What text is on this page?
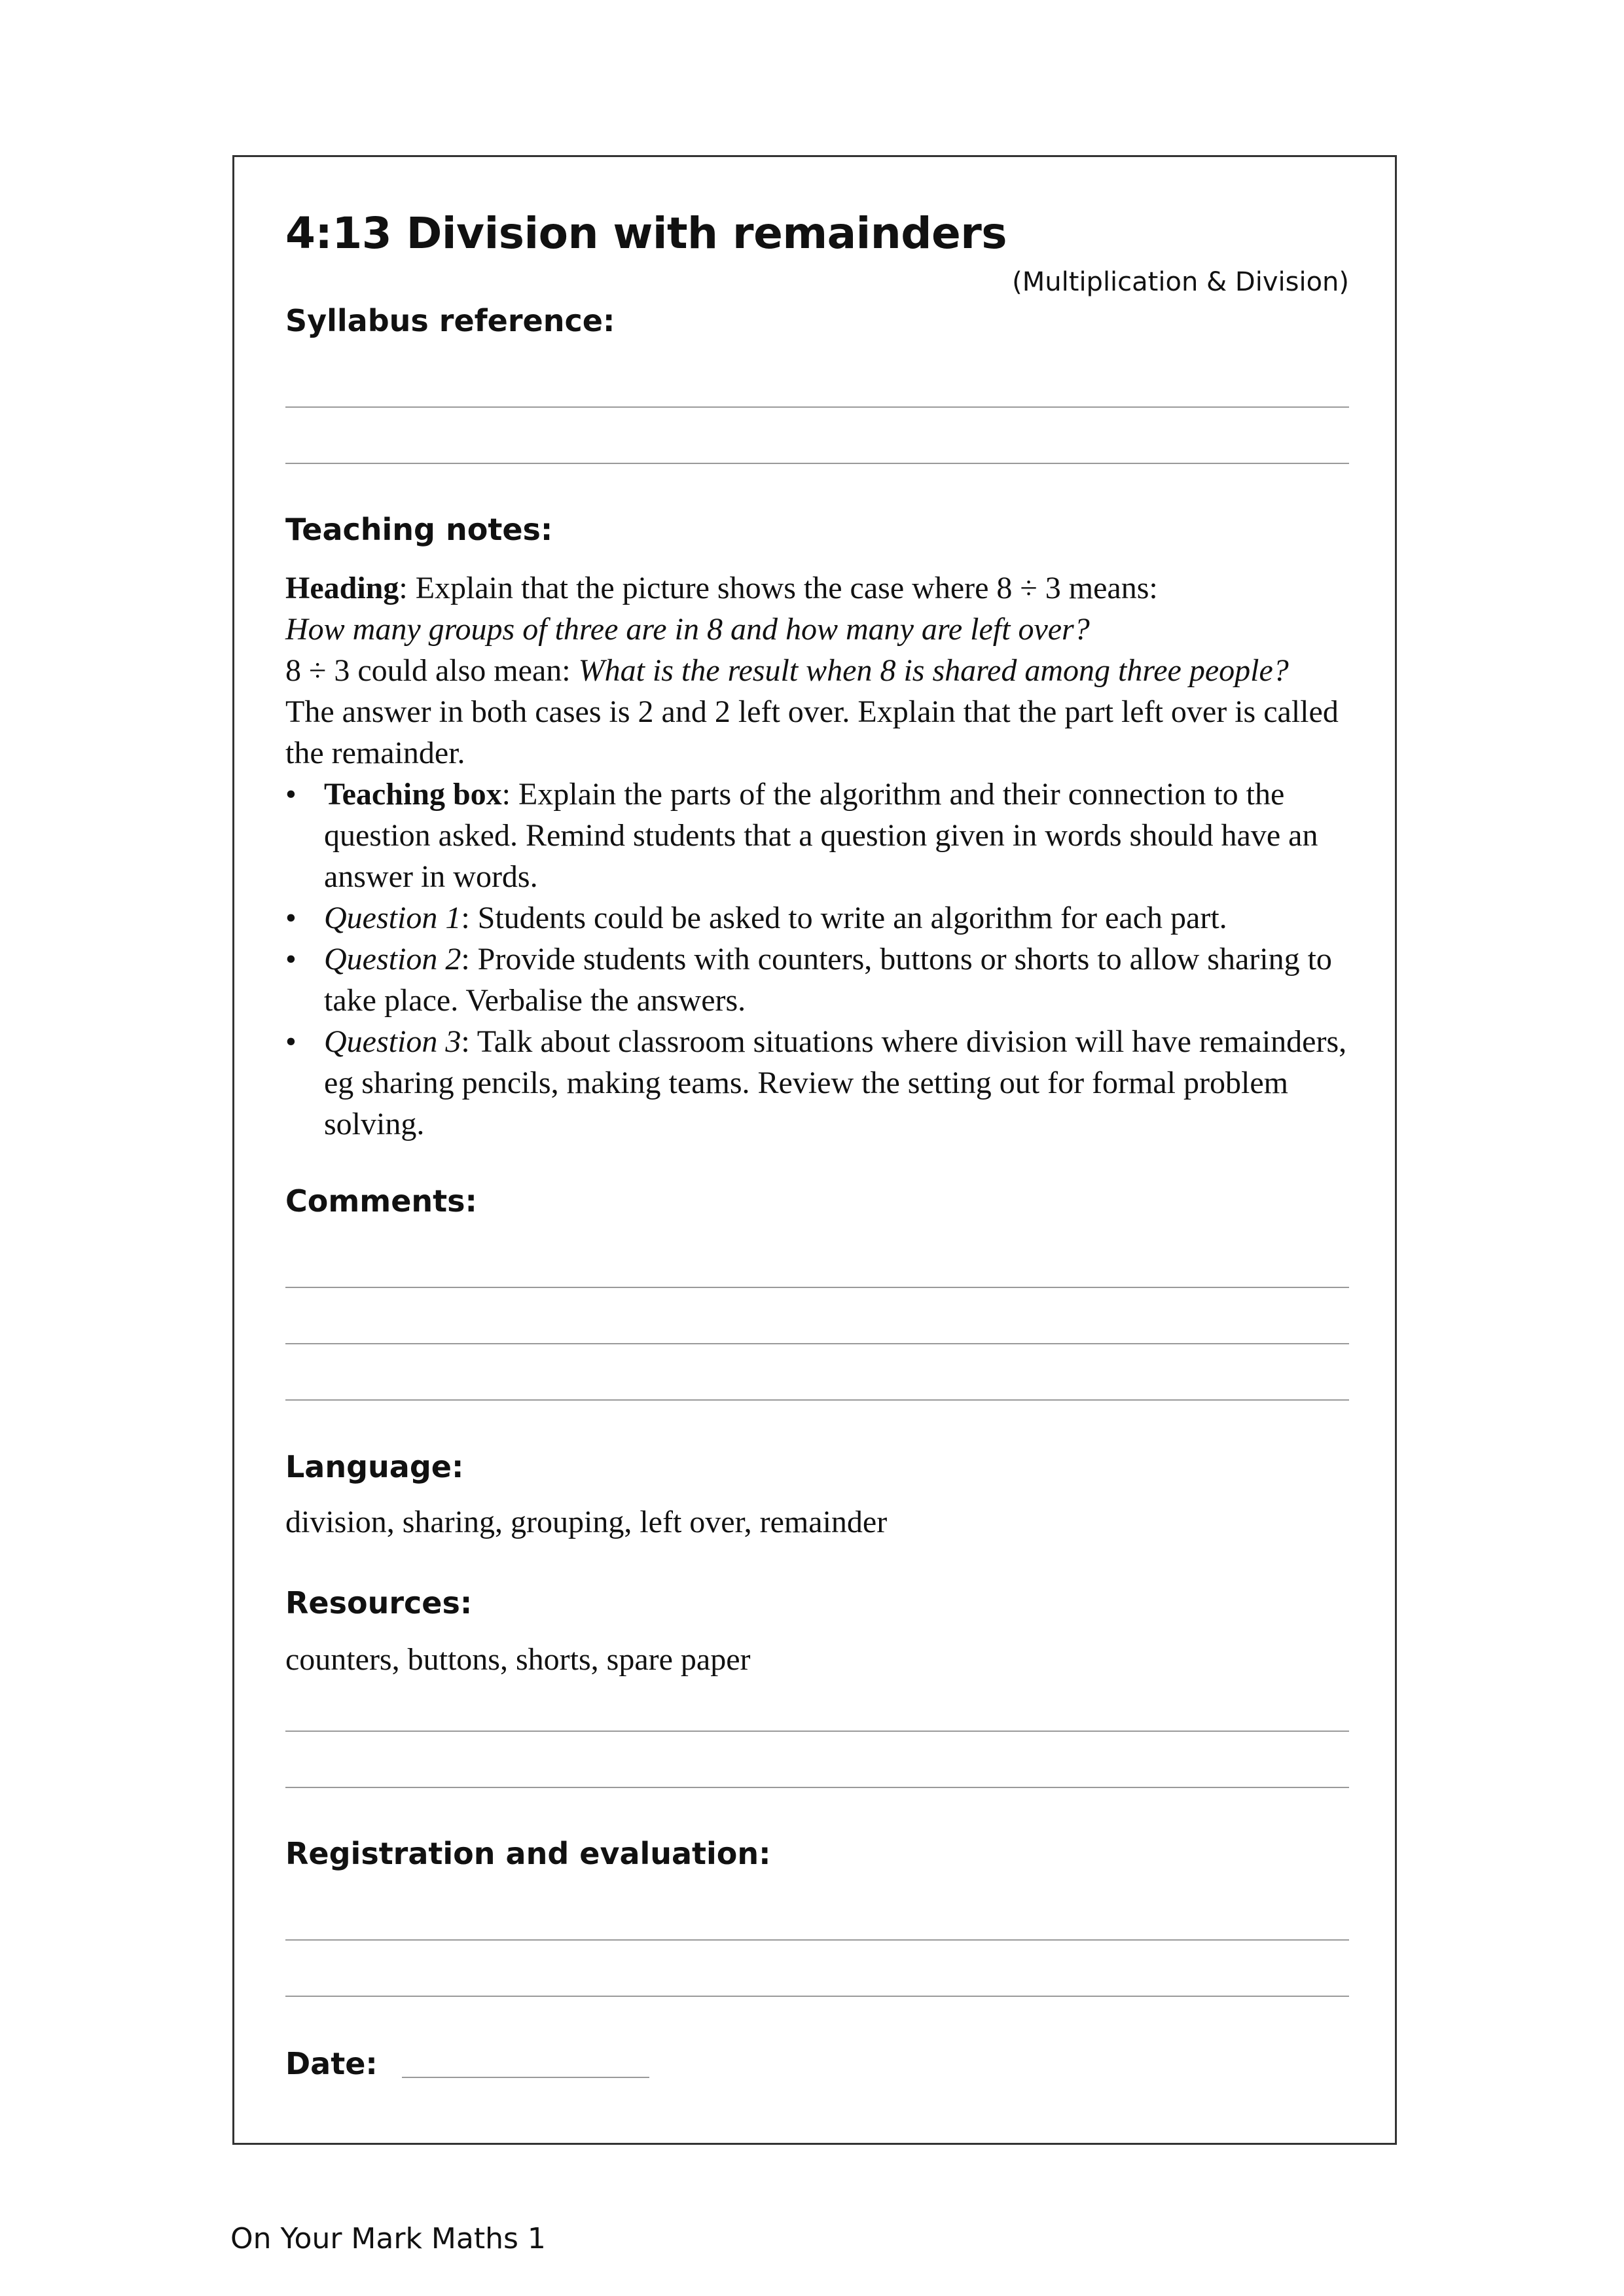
4:13 Division with remainders
(Multiplication & Division)
Syllabus reference:
Teaching notes:

Heading: Explain that the picture shows the case where 8 ÷ 3 means:

How many groups of three are in 8 and how many are left over?

8 ÷ 3 could also mean: What is the result when 8 is shared among three people?

The answer in both cases is 2 and 2 left over. Explain that the part left over is called the remainder.

• Teaching box: Explain the parts of the algorithm and their connection to the question asked. Remind students that a question given in words should have an answer in words.
• Question 1: Students could be asked to write an algorithm for each part.
• Question 2: Provide students with counters, buttons or shorts to allow sharing to take place. Verbalise the answers.
• Question 3: Talk about classroom situations where division will have remainders, eg sharing pencils, making teams. Review the setting out for formal problem solving.
Comments:
Language:
division, sharing, grouping, left over, remainder
Resources:
counters, buttons, shorts, spare paper
Registration and evaluation:
Date:
On Your Mark Maths 1
